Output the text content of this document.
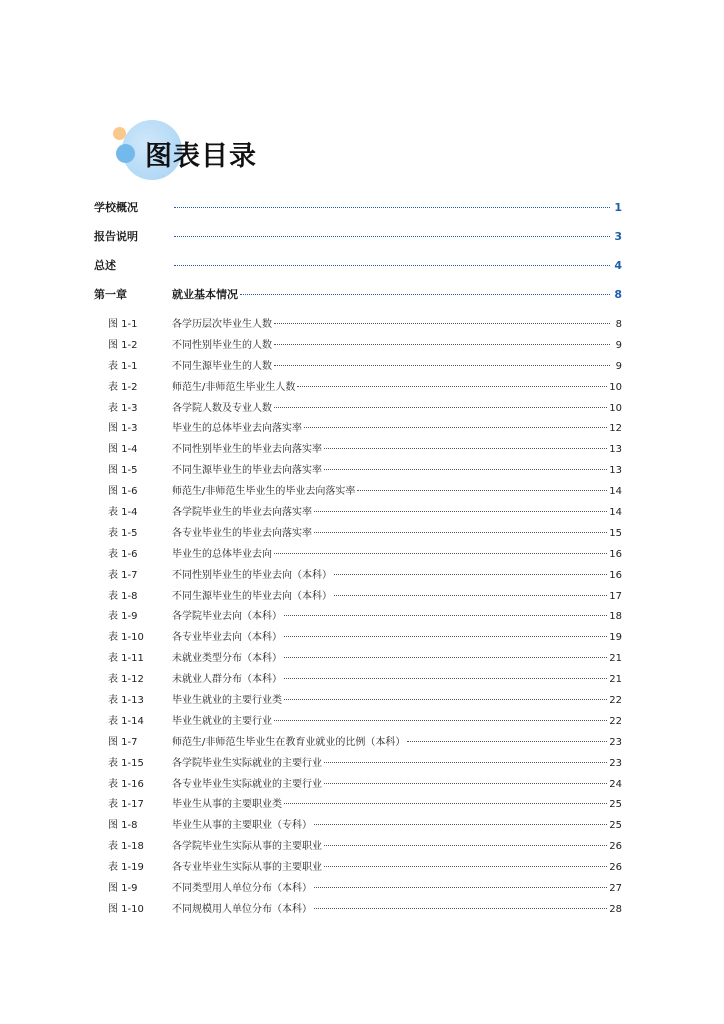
图表目录
学校概况	1
报告说明	3
总述	4
第一章	就业基本情况	8
图 1-1	各学历层次毕业生人数	8
图 1-2	不同性别毕业生的人数	9
表 1-1	不同生源毕业生的人数	9
表 1-2	师范生/非师范生毕业生人数	10
表 1-3	各学院人数及专业人数	10
图 1-3	毕业生的总体毕业去向落实率	12
图 1-4	不同性别毕业生的毕业去向落实率	13
图 1-5	不同生源毕业生的毕业去向落实率	13
图 1-6	师范生/非师范生毕业生的毕业去向落实率	14
表 1-4	各学院毕业生的毕业去向落实率	14
表 1-5	各专业毕业生的毕业去向落实率	15
表 1-6	毕业生的总体毕业去向	16
表 1-7	不同性别毕业生的毕业去向（本科）	16
表 1-8	不同生源毕业生的毕业去向（本科）	17
表 1-9	各学院毕业去向（本科）	18
表 1-10	各专业毕业去向（本科）	19
表 1-11	未就业类型分布（本科）	21
表 1-12	未就业人群分布（本科）	21
表 1-13	毕业生就业的主要行业类	22
表 1-14	毕业生就业的主要行业	22
图 1-7	师范生/非师范生毕业生在教育业就业的比例（本科）	23
表 1-15	各学院毕业生实际就业的主要行业	23
表 1-16	各专业毕业生实际就业的主要行业	24
表 1-17	毕业生从事的主要职业类	25
图 1-8	毕业生从事的主要职业（专科）	25
表 1-18	各学院毕业生实际从事的主要职业	26
表 1-19	各专业毕业生实际从事的主要职业	26
图 1-9	不同类型用人单位分布（本科）	27
图 1-10	不同规模用人单位分布（本科）	28
